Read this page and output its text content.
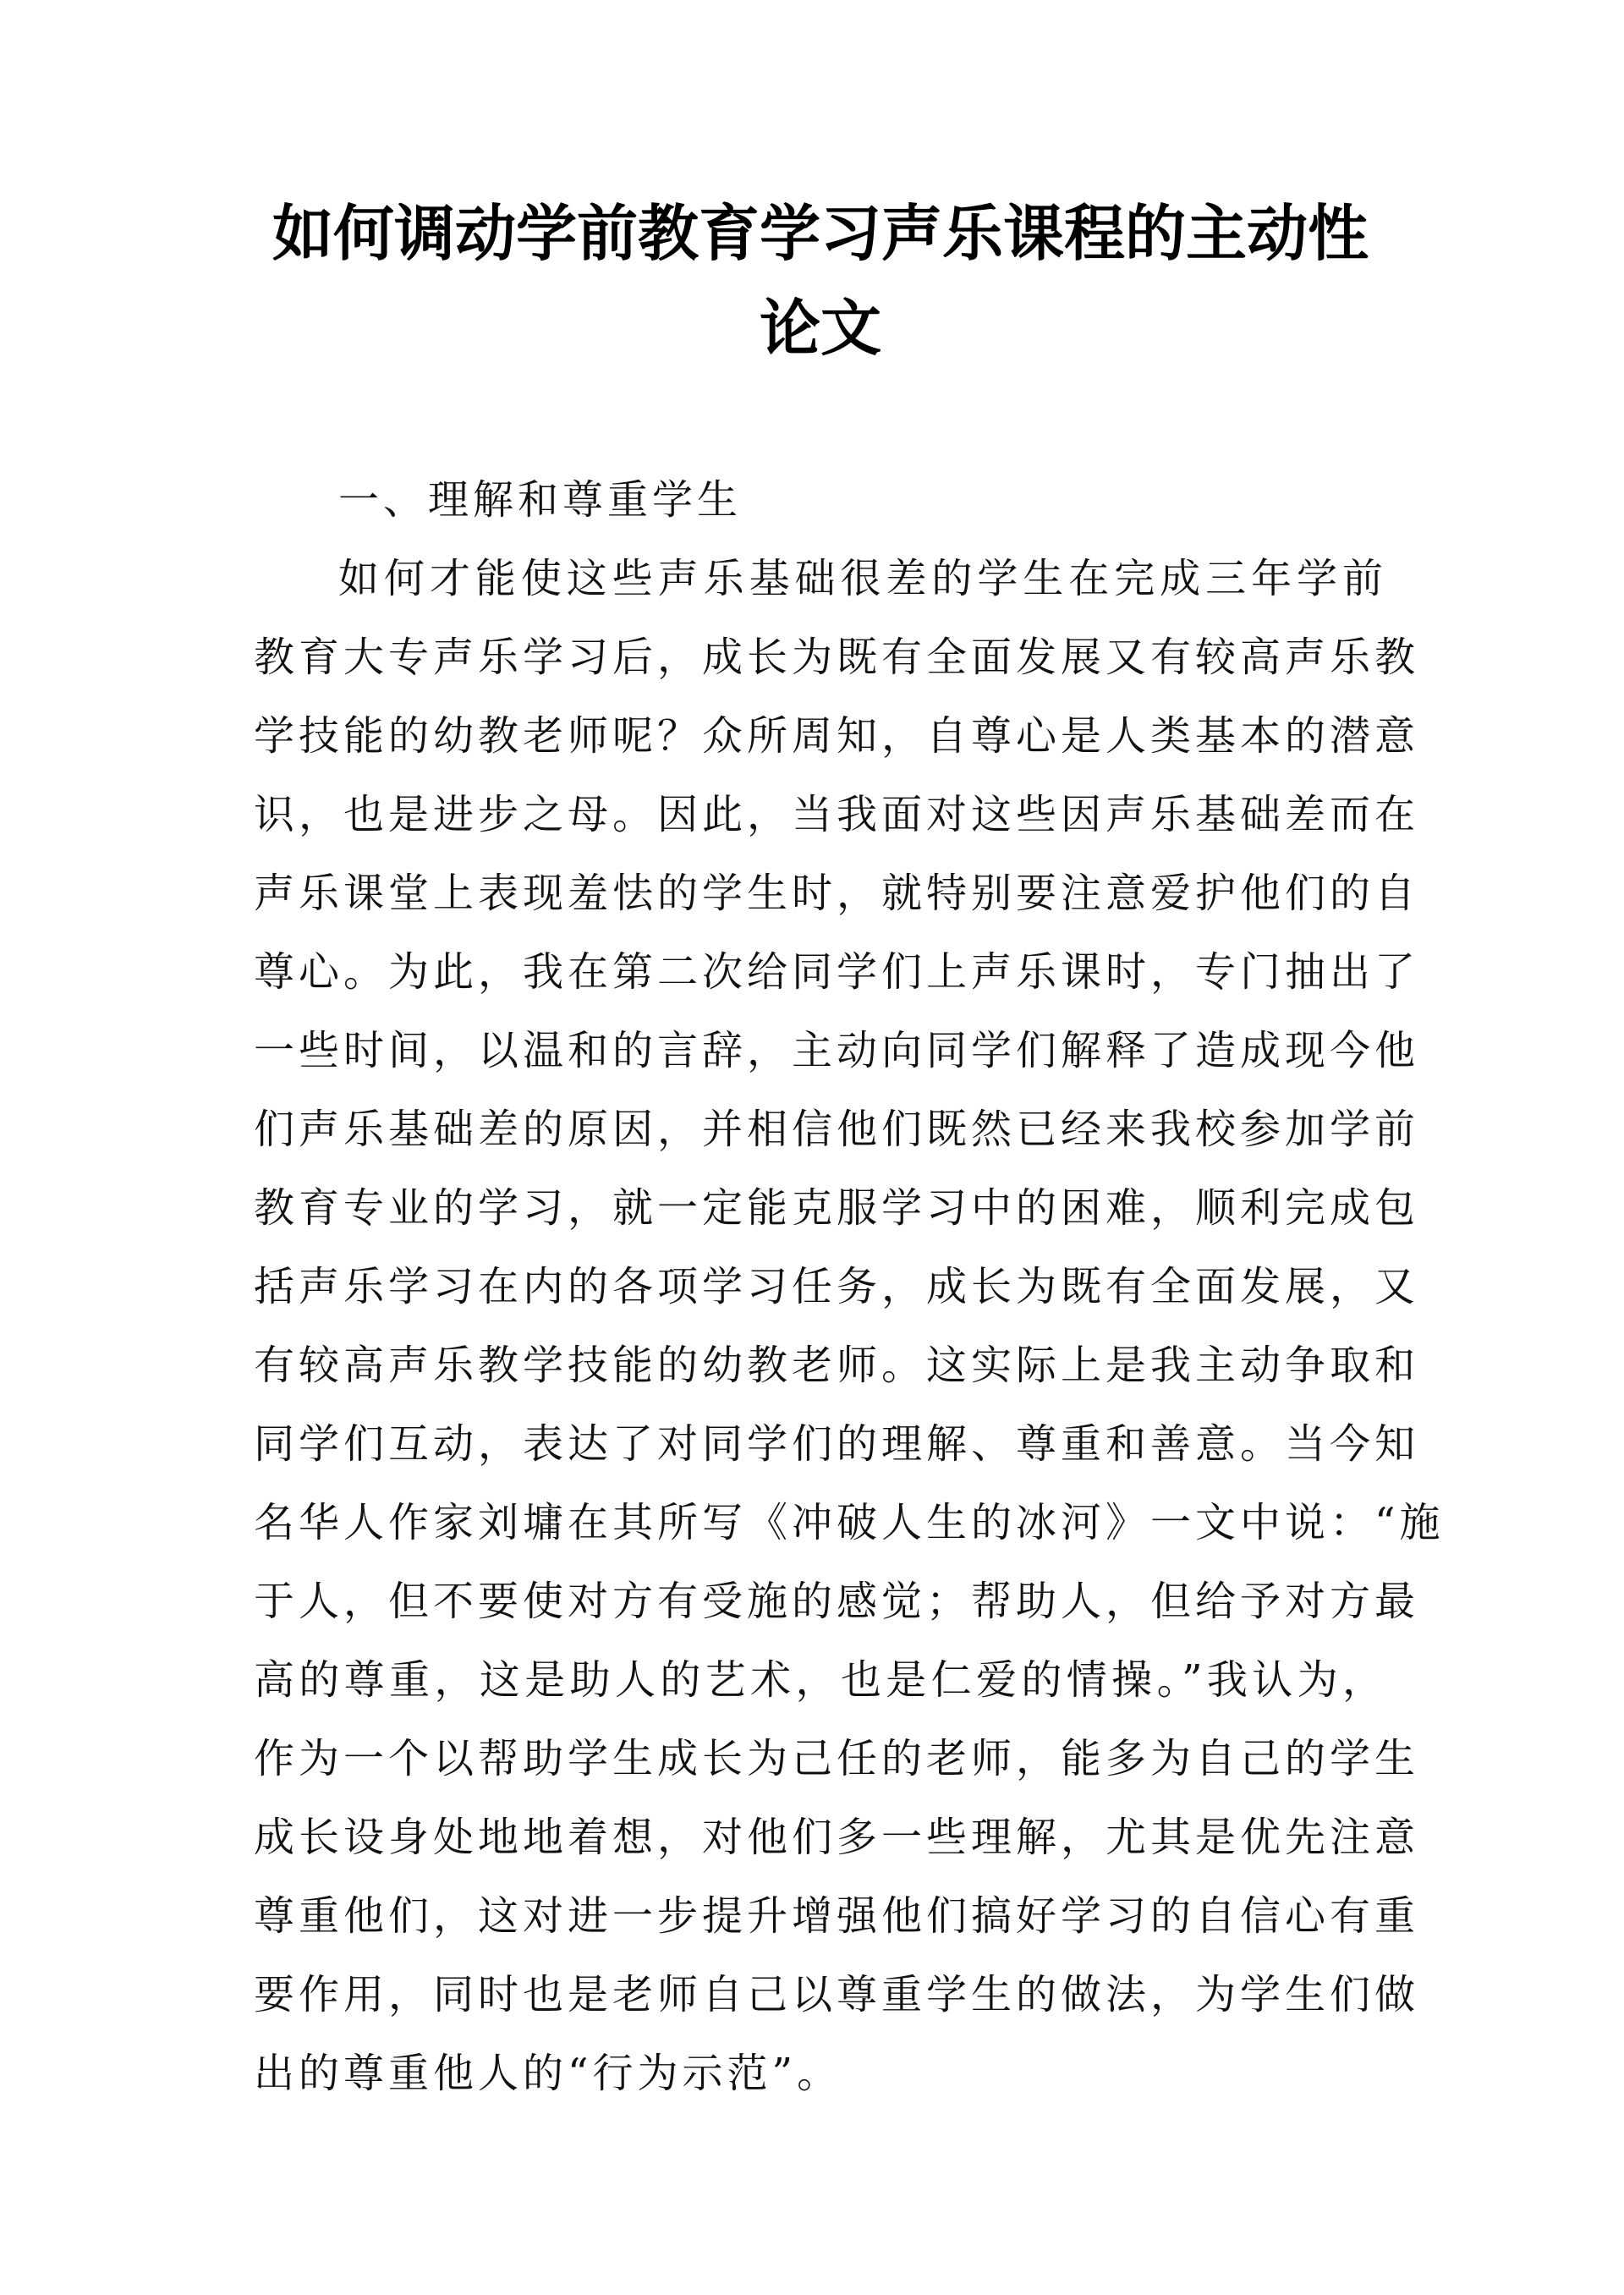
如何调动学前教育学习声乐课程的主动性
论文
一、理解和尊重学生

如何才能使这些声乐基础很差的学生在完成三年学前
教育大专声乐学习后，成长为既有全面发展又有较高声乐教
学技能的幼教老师呢？众所周知，自尊心是人类基本的潜意
识，也是进步之母。因此，当我面对这些因声乐基础差而在
声乐课堂上表现羞怯的学生时，就特别要注意爱护他们的自
尊心。为此，我在第二次给同学们上声乐课时，专门抽出了
一些时间，以温和的言辞，主动向同学们解释了造成现今他
们声乐基础差的原因，并相信他们既然已经来我校参加学前
教育专业的学习，就一定能克服学习中的困难，顺利完成包
括声乐学习在内的各项学习任务，成长为既有全面发展，又
有较高声乐教学技能的幼教老师。这实际上是我主动争取和
同学们互动，表达了对同学们的理解、尊重和善意。当今知
名华人作家刘墉在其所写《冲破人生的冰河》一文中说：“施
于人，但不要使对方有受施的感觉；帮助人，但给予对方最
高的尊重，这是助人的艺术，也是仁爱的情操。”我认为，
作为一个以帮助学生成长为己任的老师，能多为自己的学生
成长设身处地地着想，对他们多一些理解，尤其是优先注意
尊重他们，这对进一步提升增强他们搞好学习的自信心有重
要作用，同时也是老师自己以尊重学生的做法，为学生们做
出的尊重他人的“行为示范”。
